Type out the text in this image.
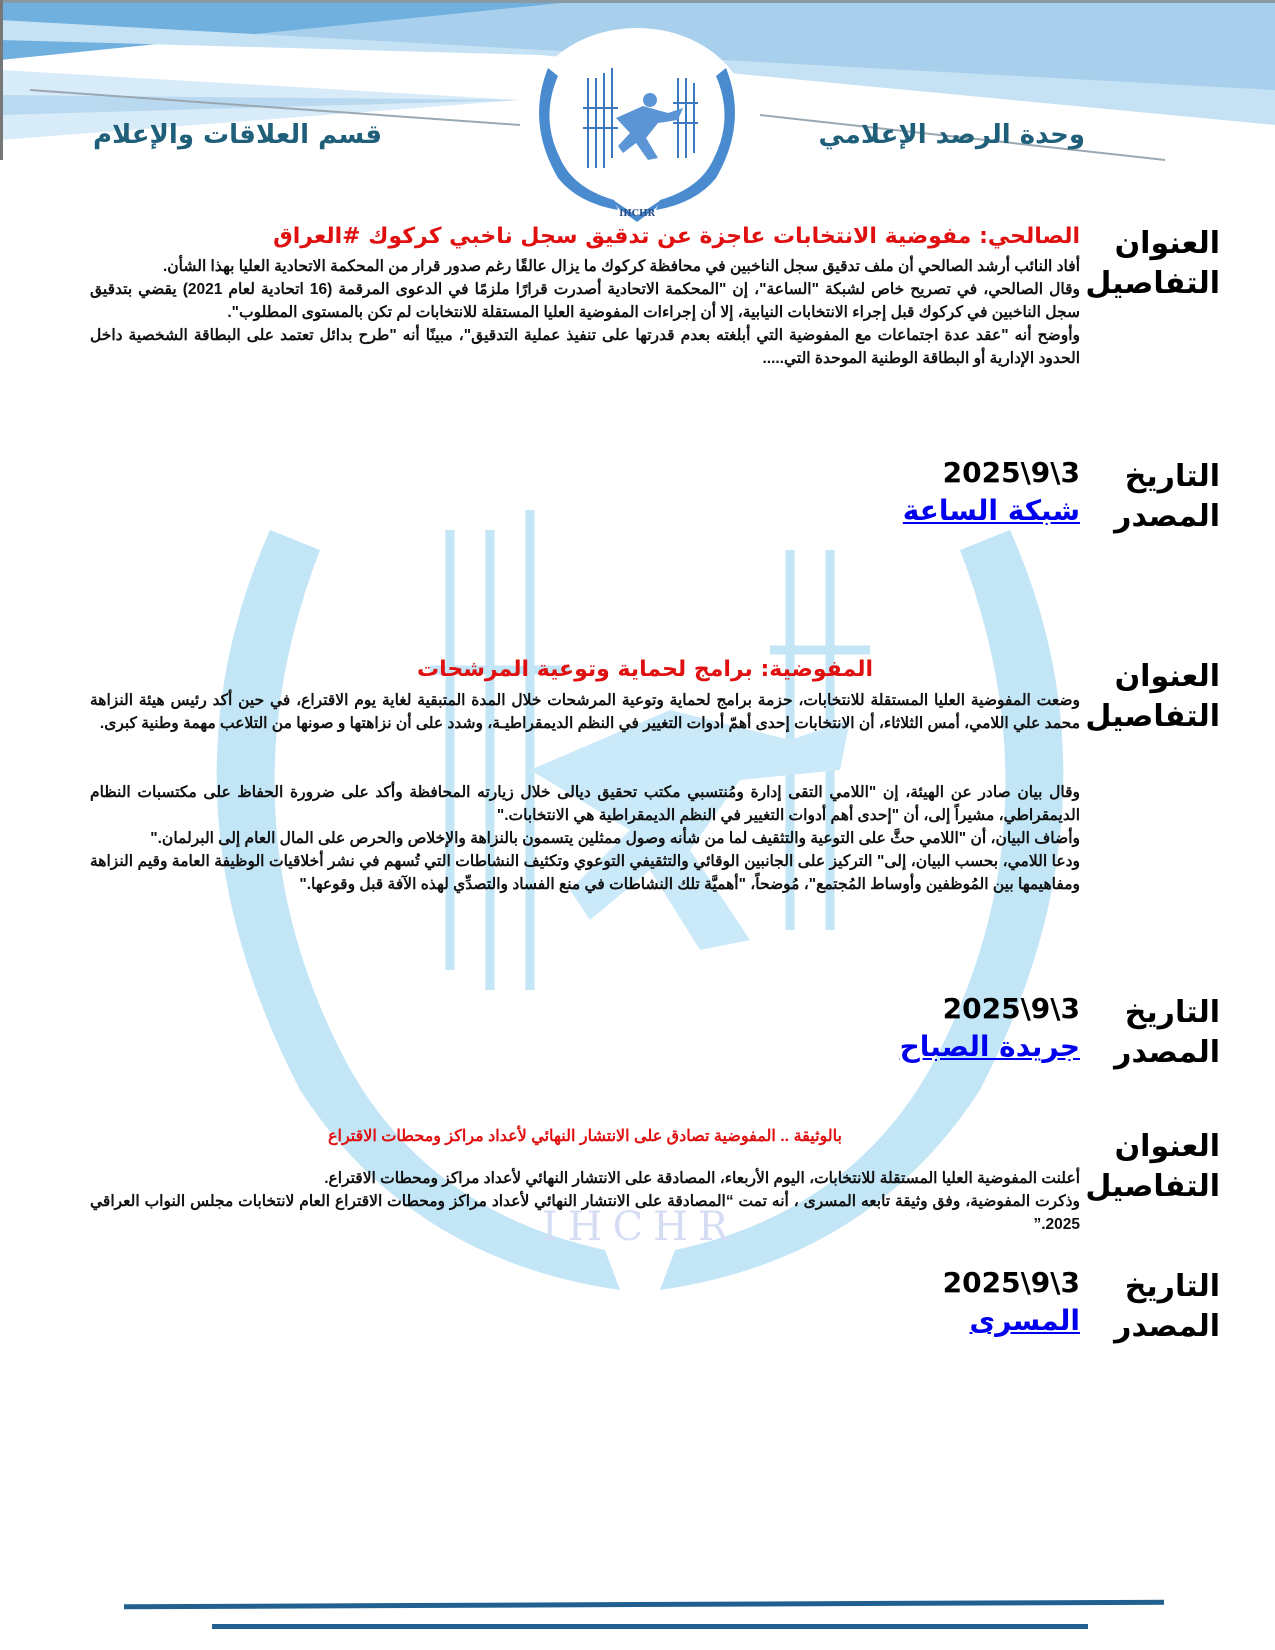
وحدة الرصد الإعلامي
قسم العلاقات والإعلام
IHCHR
IHCHR
العنوان
التفاصيل
الصالحي: مفوضية الانتخابات عاجزة عن تدقيق سجل ناخبي كركوك #العراق

أفاد النائب أرشد الصالحي أن ملف تدقيق سجل الناخبين في محافظة كركوك ما يزال عالقًا رغم صدور قرار من المحكمة الاتحادية العليا بهذا الشأن.

وقال الصالحي، في تصريح خاص لشبكة "الساعة"، إن "المحكمة الاتحادية أصدرت قرارًا ملزمًا في الدعوى المرقمة (16 اتحادية لعام 2021) يقضي بتدقيق سجل الناخبين في كركوك قبل إجراء الانتخابات النيابية، إلا أن إجراءات المفوضية العليا المستقلة للانتخابات لم تكن بالمستوى المطلوب".

وأوضح أنه "عقد عدة اجتماعات مع المفوضية التي أبلغته بعدم قدرتها على تنفيذ عملية التدقيق"، مبينًا أنه "طرح بدائل تعتمد على البطاقة الشخصية داخل الحدود الإدارية أو البطاقة الوطنية الموحدة التي.....

التاريخ
المصدر
2025\9\3
شبكة الساعة
العنوان
التفاصيل
المفوضية: برامج لحماية وتوعية المرشحات

وضعت المفوضية العليا المستقلة للانتخابات، حزمة برامج لحماية وتوعية المرشحات خلال المدة المتبقية لغاية يوم الاقتراع، في حين أكد رئيس هيئة النزاهة محمد علي اللامي، أمس الثلاثاء، أن الانتخابات إحدى أهمّ أدوات التغيير في النظم الديمقراطيـة، وشدد على أن نزاهتها و صونها من التلاعب مهمة وطنية كبرى.

وقال بيان صادر عن الهيئة، إن "اللامي التقى إدارة ومُنتسبي مكتب تحقيق ديالى خلال زيارته المحافظة وأكد على ضرورة الحفاظ على مكتسبات النظام الديمقراطي، مشيراً إلى، أن "إحدى أهم أدوات التغيير في النظم الديمقراطية هي الانتخابات."

وأضاف البيان، أن "اللامي حثَّ على التوعية والتثقيف لما من شأنه وصول ممثلين يتسمون بالنزاهة والإخلاص والحرص على المال العام إلى البرلمان."

ودعا اللامي، بحسب البيان، إلى" التركيز على الجانبين الوقائي والتثقيفي التوعوي وتكثيف النشاطات التي تُسهم في نشر أخلاقيات الوظيفة العامة وقيم النزاهة ومفاهيمها بين المُوظفين وأوساط المُجتمع"، مُوضحاً، "أهميَّة تلك النشاطات في منع الفساد والتصدِّي لهذه الآفة قبل وقوعها."

التاريخ
المصدر
2025\9\3
جريدة الصباح
العنوان
التفاصيل
بالوثيقة .. المفوضية تصادق على الانتشار النهائي لأعداد مراكز ومحطات الاقتراع

أعلنت المفوضية العليا المستقلة للانتخابات، اليوم الأربعاء، المصادقة على الانتشار النهائي لأعداد مراكز ومحطات الاقتراع.

وذكرت المفوضية، وفق وثيقة تابعه المسرى ، أنه تمت “المصادقة على الانتشار النهائي لأعداد مراكز ومحطات الاقتراع العام لانتخابات مجلس النواب العراقي 2025.”

التاريخ
المصدر
2025\9\3
المسرى
